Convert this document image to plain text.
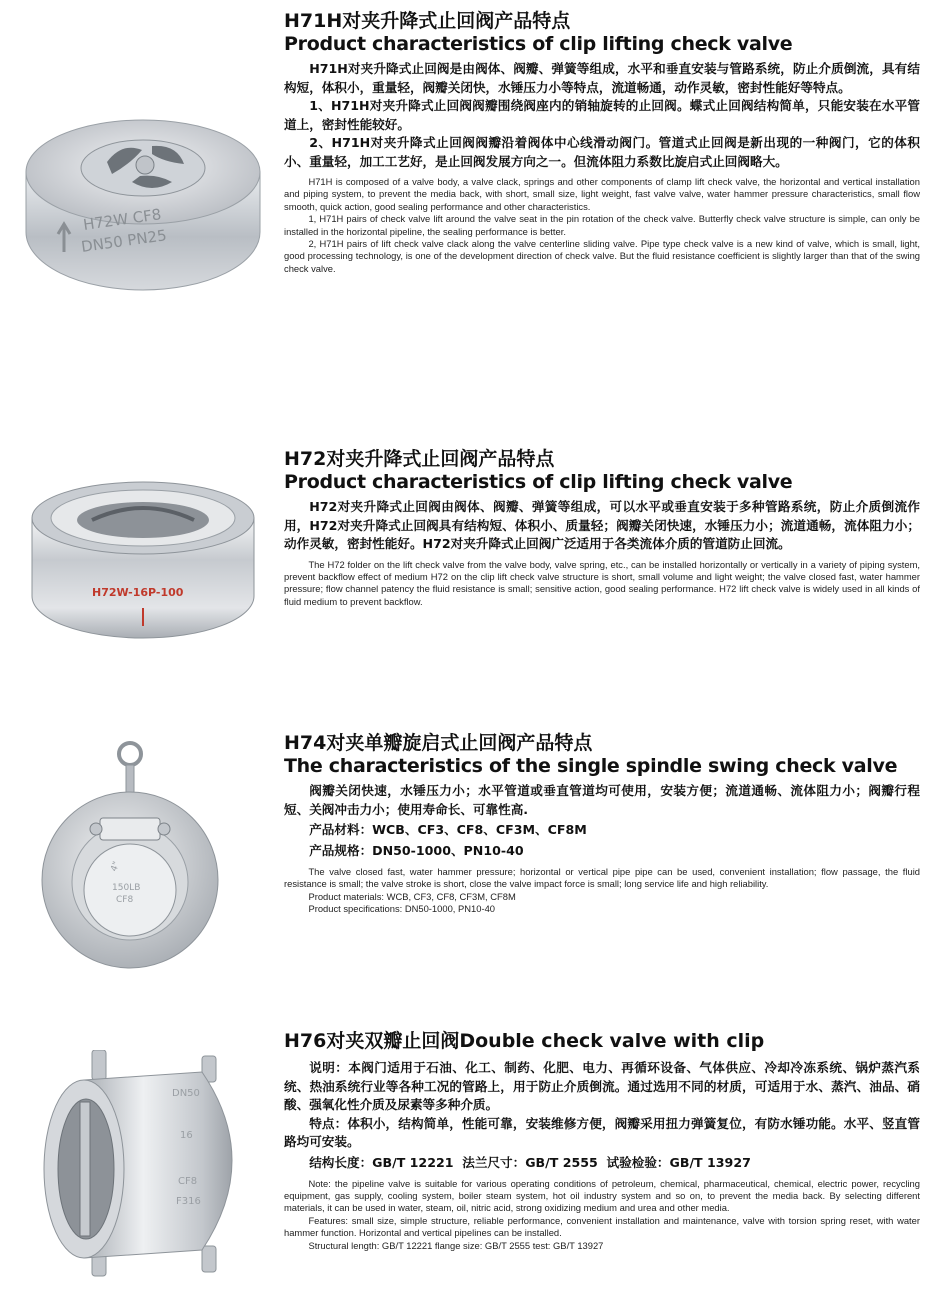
H72W CF8
DN50 PN25

H71H对夹升降式止回阀产品特点

Product characteristics of clip lifting check valve

H71H对夹升降式止回阀是由阀体、阀瓣、弹簧等组成，水平和垂直安装与管路系统，防止介质倒流，具有结构短，体积小，重量轻，阀瓣关闭快，水锤压力小等特点，流道畅通，动作灵敏，密封性能好等特点。

1、H71H对夹升降式止回阀阀瓣围绕阀座内的销轴旋转的止回阀。蝶式止回阀结构简单，只能安装在水平管道上，密封性能较好。

2、H71H对夹升降式止回阀阀瓣沿着阀体中心线滑动阀门。管道式止回阀是新出现的一种阀门，它的体积小、重量轻，加工工艺好，是止回阀发展方向之一。但流体阻力系数比旋启式止回阀略大。

H71H is composed of a valve body, a valve clack, springs and other components of clamp lift check valve, the horizontal and vertical installation and piping system, to prevent the media back, with short, small size, light weight, fast valve valve, water hammer pressure characteristics, small flow smooth, quick action, good sealing performance and other characteristics.

1, H71H pairs of check valve lift around the valve seat in the pin rotation of the check valve. Butterfly check valve structure is simple, can only be installed in the horizontal pipeline, the sealing performance is better.

2, H71H pairs of lift check valve clack along the valve centerline sliding valve. Pipe type check valve is a new kind of valve, which is small, light, good processing technology, is one of the development direction of check valve. But the fluid resistance coefficient is slightly larger than that of the swing check valve.

H72W-16P-100

H72对夹升降式止回阀产品特点

Product characteristics of clip lifting check valve

H72对夹升降式止回阀由阀体、阀瓣、弹簧等组成，可以水平或垂直安装于多种管路系统，防止介质倒流作用，H72对夹升降式止回阀具有结构短、体积小、质量轻；阀瓣关闭快速，水锤压力小；流道通畅，流体阻力小；动作灵敏，密封性能好。H72对夹升降式止回阀广泛适用于各类流体介质的管道防止回流。

The H72 folder on the lift check valve from the valve body, valve spring, etc., can be installed horizontally or vertically in a variety of piping system, prevent backflow effect of medium H72 on the clip lift check valve structure is short, small volume and light weight; the valve closed fast, water hammer pressure; flow channel patency the fluid resistance is small; sensitive action, good sealing performance. H72 lift check valve is widely used in all kinds of fluid medium to prevent backflow.

4"
150LB
CF8

H74对夹单瓣旋启式止回阀产品特点

The characteristics of the single spindle swing check valve

阀瓣关闭快速，水锤压力小；水平管道或垂直管道均可使用，安装方便；流道通畅、流体阻力小；阀瓣行程短、关阀冲击力小；使用寿命长、可靠性高.

产品材料：WCB、CF3、CF8、CF3M、CF8M

产品规格：DN50-1000、PN10-40

The valve closed fast, water hammer pressure; horizontal or vertical pipe pipe can be used, convenient installation; flow passage, the fluid resistance is small; the valve stroke is short, close the valve impact force is small; long service life and high reliability.

Product materials: WCB, CF3, CF8, CF3M, CF8M

Product specifications: DN50-1000, PN10-40

DN50
16
CF8
F316

H76对夹双瓣止回阀Double check valve with clip

说明：本阀门适用于石油、化工、制药、化肥、电力、再循环设备、气体供应、冷却冷冻系统、锅炉蒸汽系统、热油系统行业等各种工况的管路上，用于防止介质倒流。通过选用不同的材质，可适用于水、蒸汽、油品、硝酸、强氧化性介质及尿素等多种介质。

特点：体积小，结构简单，性能可靠，安装维修方便，阀瓣采用扭力弹簧复位，有防水锤功能。水平、竖直管路均可安装。

结构长度：GB/T 12221  法兰尺寸：GB/T 2555  试验检验：GB/T 13927

Note: the pipeline valve is suitable for various operating conditions of petroleum, chemical, pharmaceutical, chemical, electric power, recycling equipment, gas supply, cooling system, boiler steam system, hot oil industry system and so on, to prevent the media back. By selecting different materials, it can be used in water, steam, oil, nitric acid, strong oxidizing medium and urea and other media.

Features: small size, simple structure, reliable performance, convenient installation and maintenance, valve with torsion spring reset, with water hammer function. Horizontal and vertical pipelines can be installed.

Structural length: GB/T 12221 flange size: GB/T 2555 test: GB/T 13927
